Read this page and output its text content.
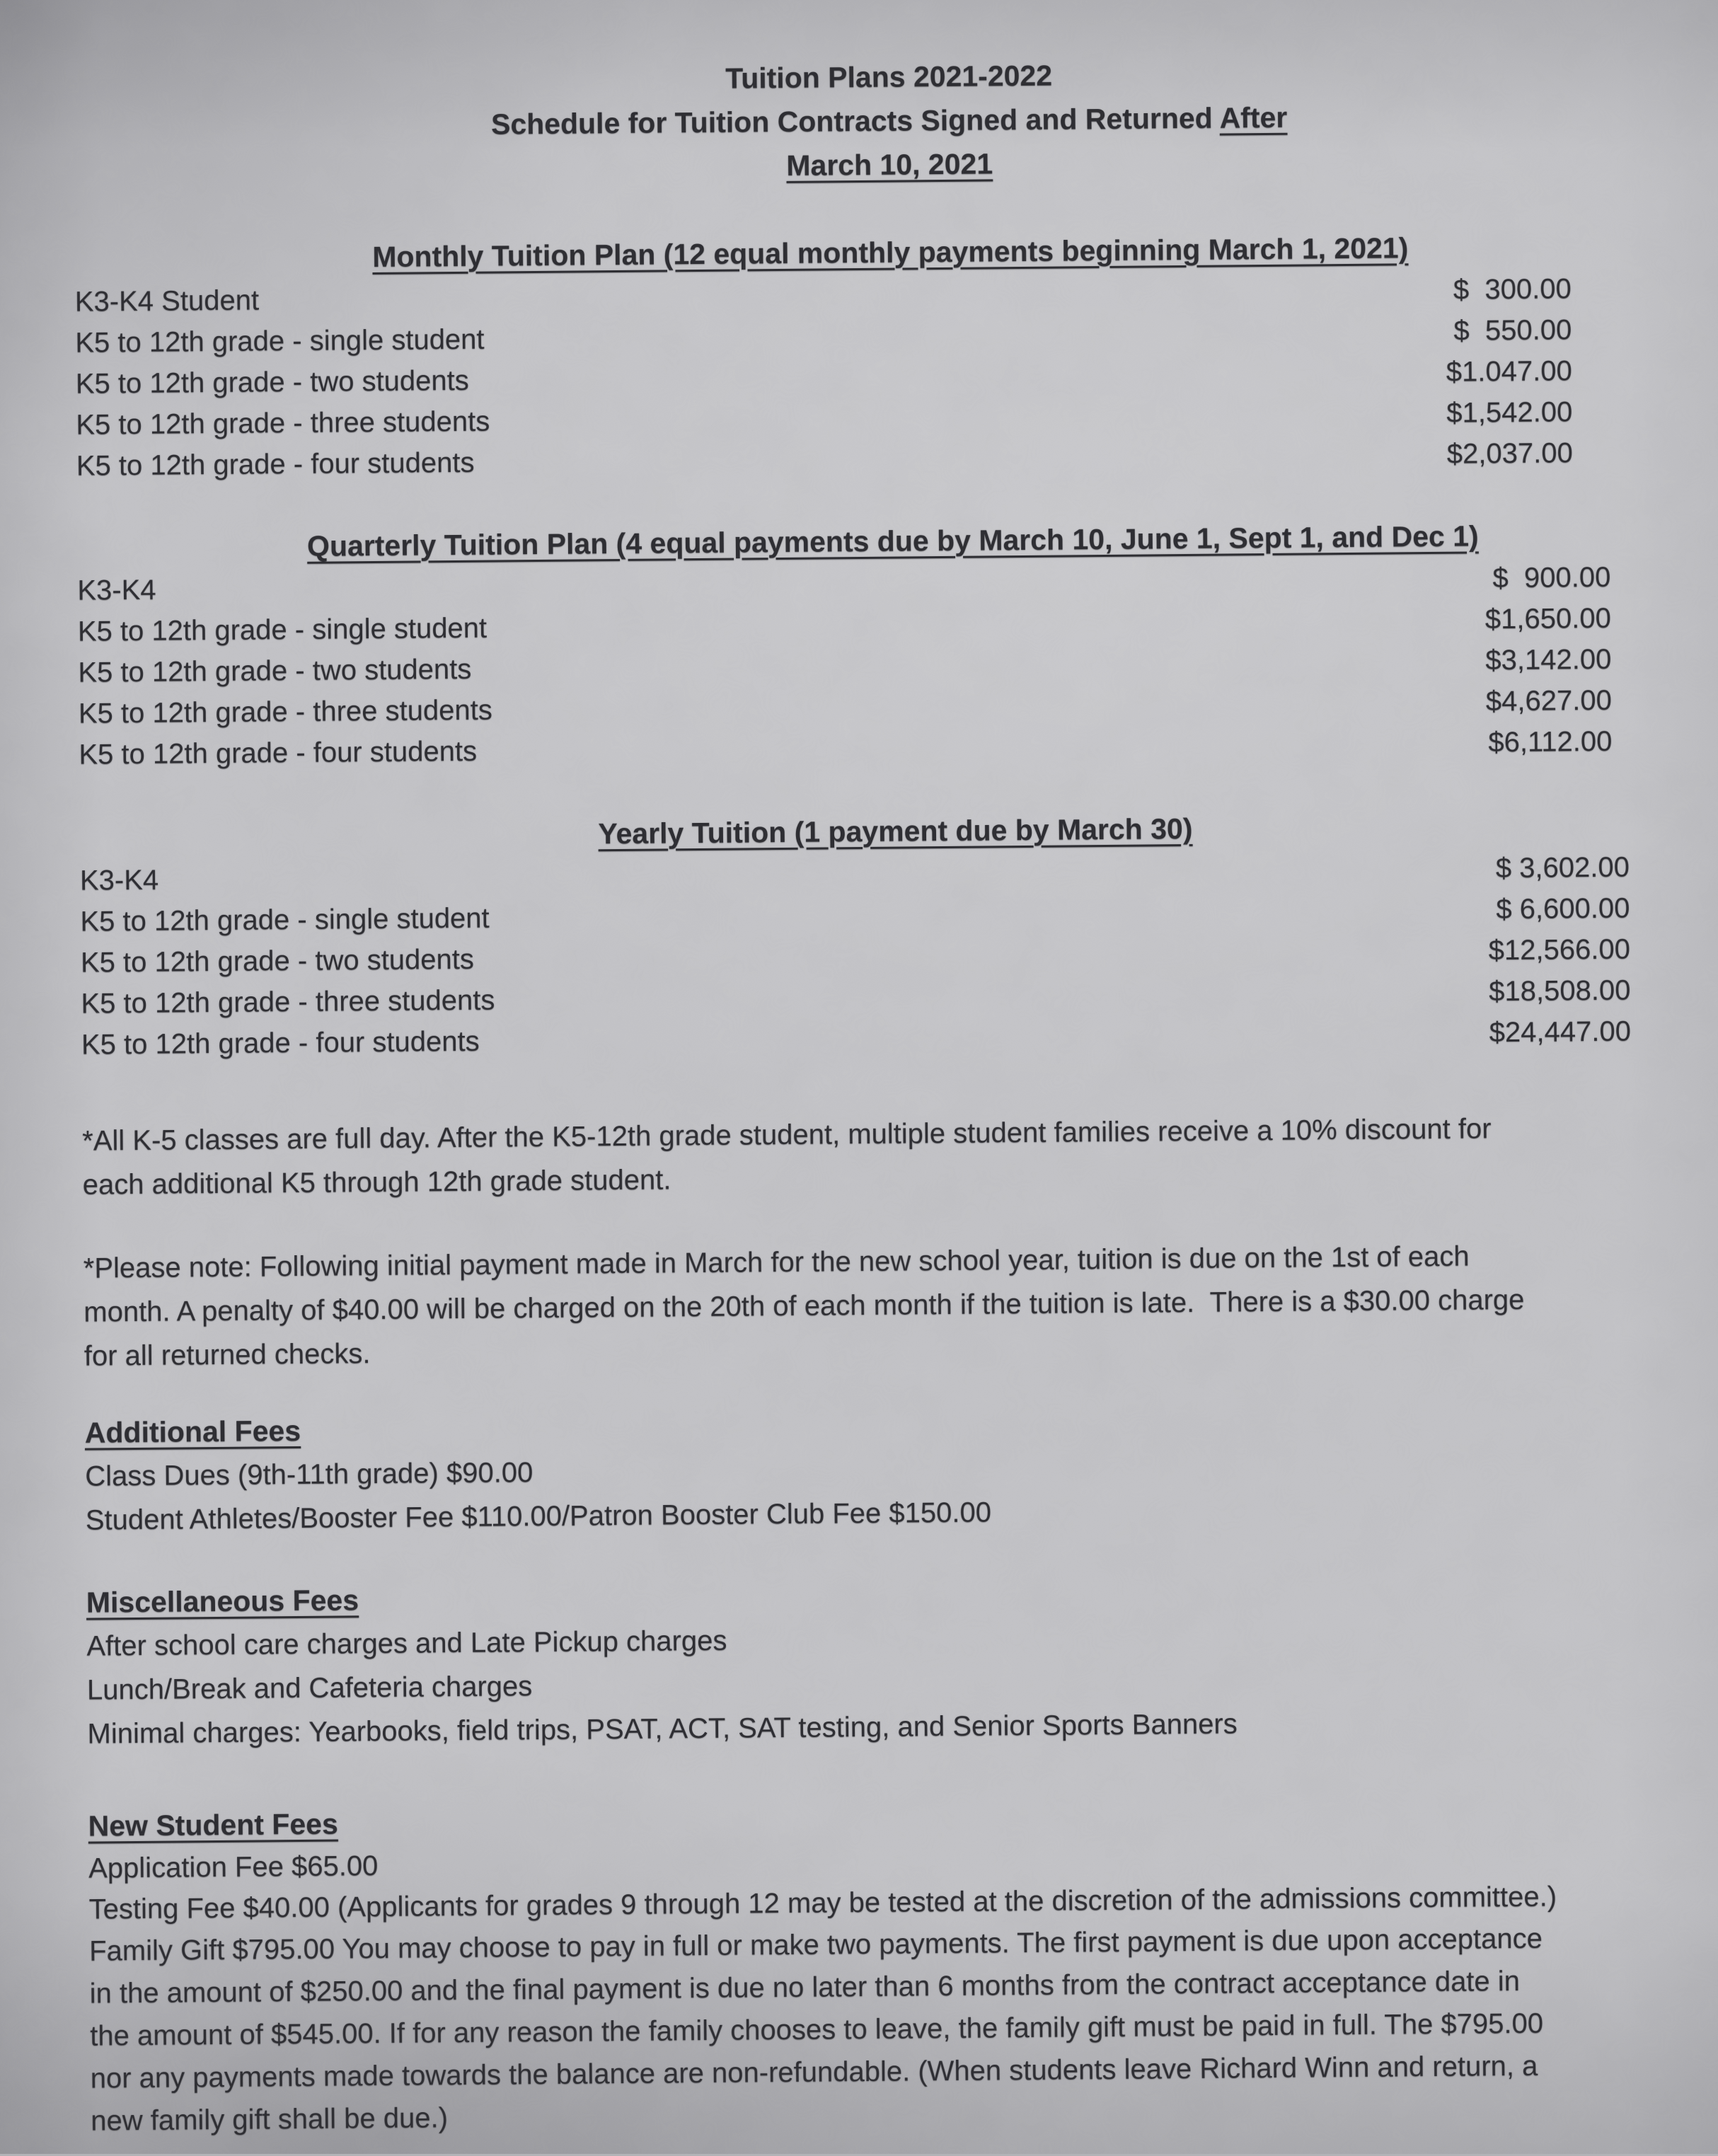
Tuition Plans 2021-2022
Schedule for Tuition Contracts Signed and Returned After
March 10, 2021
Monthly Tuition Plan (12 equal monthly payments beginning March 1, 2021)
K3-K4 Student	$  300.00
K5 to 12th grade - single student	$  550.00
K5 to 12th grade - two students	$1.047.00
K5 to 12th grade - three students	$1,542.00
K5 to 12th grade - four students	$2,037.00
Quarterly Tuition Plan (4 equal payments due by March 10, June 1, Sept 1, and Dec 1)
K3-K4	$  900.00
K5 to 12th grade - single student	$1,650.00
K5 to 12th grade - two students	$3,142.00
K5 to 12th grade - three students	$4,627.00
K5 to 12th grade - four students	$6,112.00
Yearly Tuition (1 payment due by March 30)
K3-K4	$ 3,602.00
K5 to 12th grade - single student	$ 6,600.00
K5 to 12th grade - two students	$12,566.00
K5 to 12th grade - three students	$18,508.00
K5 to 12th grade - four students	$24,447.00
*All K-5 classes are full day. After the K5-12th grade student, multiple student families receive a 10% discount for
each additional K5 through 12th grade student.
*Please note: Following initial payment made in March for the new school year, tuition is due on the 1st of each
month. A penalty of $40.00 will be charged on the 20th of each month if the tuition is late.  There is a $30.00 charge
for all returned checks.
Additional Fees
Class Dues (9th-11th grade) $90.00
Student Athletes/Booster Fee $110.00/Patron Booster Club Fee $150.00
Miscellaneous Fees
After school care charges and Late Pickup charges
Lunch/Break and Cafeteria charges
Minimal charges: Yearbooks, field trips, PSAT, ACT, SAT testing, and Senior Sports Banners
New Student Fees
Application Fee $65.00
Testing Fee $40.00 (Applicants for grades 9 through 12 may be tested at the discretion of the admissions committee.)
Family Gift $795.00 You may choose to pay in full or make two payments. The first payment is due upon acceptance
in the amount of $250.00 and the final payment is due no later than 6 months from the contract acceptance date in
the amount of $545.00. If for any reason the family chooses to leave, the family gift must be paid in full. The $795.00
nor any payments made towards the balance are non-refundable. (When students leave Richard Winn and return, a
new family gift shall be due.)
